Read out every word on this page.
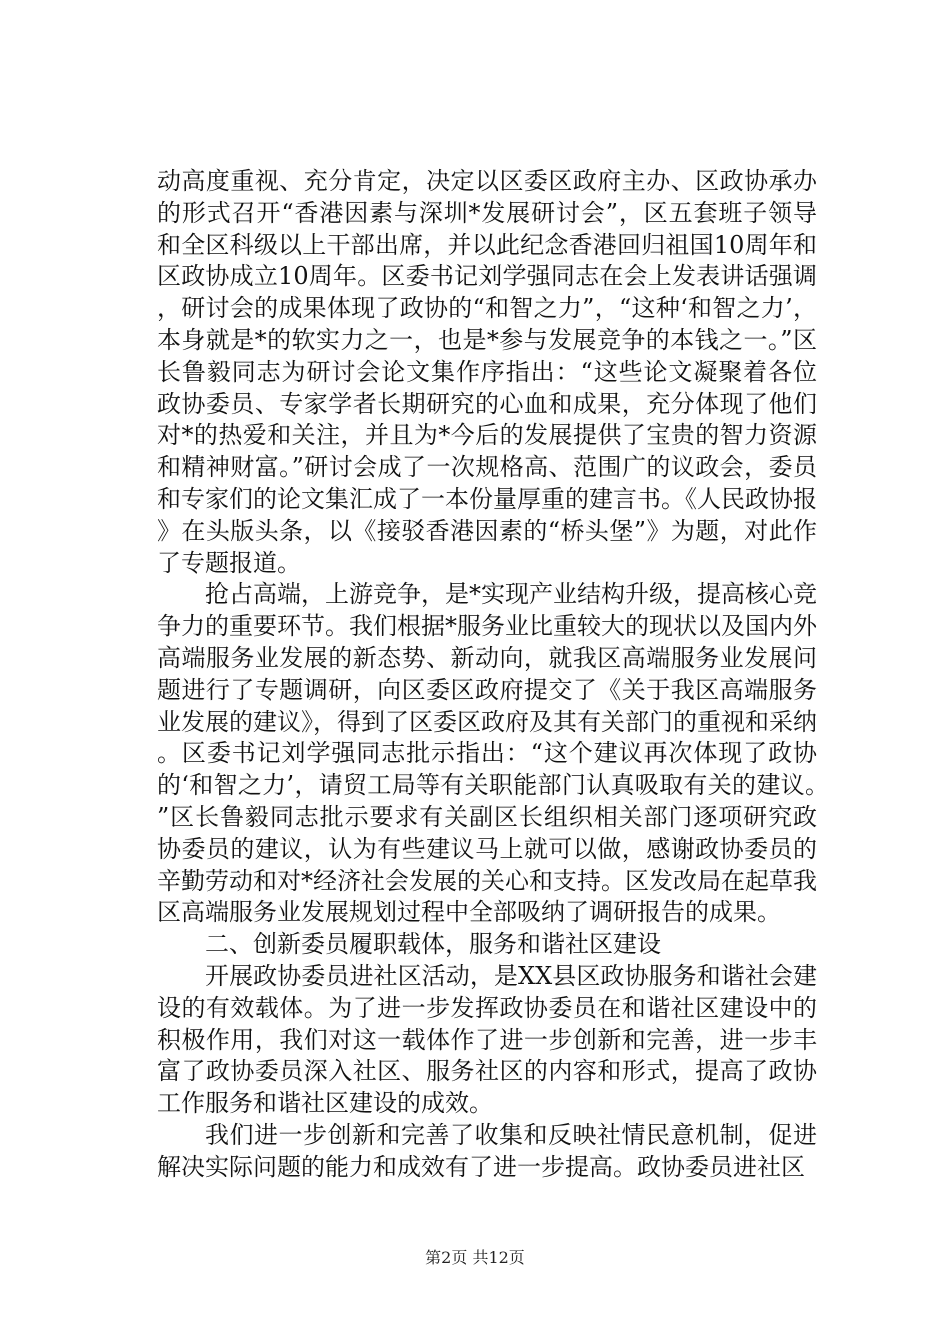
动高度重视、充分肯定，决定以区委区政府主办、区政协承办的形式召开“香港因素与深圳*发展研讨会”，区五套班子领导和全区科级以上干部出席，并以此纪念香港回归祖国10周年和区政协成立10周年。区委书记刘学强同志在会上发表讲话强调，研讨会的成果体现了政协的“和智之力”，“这种‘和智之力’，本身就是*的软实力之一，也是*参与发展竞争的本钱之一。”区长鲁毅同志为研讨会论文集作序指出：“这些论文凝聚着各位政协委员、专家学者长期研究的心血和成果，充分体现了他们对*的热爱和关注，并且为*今后的发展提供了宝贵的智力资源和精神财富。”研讨会成了一次规格高、范围广的议政会，委员和专家们的论文集汇成了一本份量厚重的建言书。《人民政协报》在头版头条，以《接驳香港因素的“桥头堡”》为题，对此作了专题报道。

抢占高端，上游竞争，是*实现产业结构升级，提高核心竞争力的重要环节。我们根据*服务业比重较大的现状以及国内外高端服务业发展的新态势、新动向，就我区高端服务业发展问题进行了专题调研，向区委区政府提交了《关于我区高端服务业发展的建议》，得到了区委区政府及其有关部门的重视和采纳。区委书记刘学强同志批示指出：“这个建议再次体现了政协的‘和智之力’，请贸工局等有关职能部门认真吸取有关的建议。”区长鲁毅同志批示要求有关副区长组织相关部门逐项研究政协委员的建议，认为有些建议马上就可以做，感谢政协委员的辛勤劳动和对*经济社会发展的关心和支持。区发改局在起草我区高端服务业发展规划过程中全部吸纳了调研报告的成果。

二、创新委员履职载体，服务和谐社区建设

开展政协委员进社区活动，是XX县区政协服务和谐社会建设的有效载体。为了进一步发挥政协委员在和谐社区建设中的积极作用，我们对这一载体作了进一步创新和完善，进一步丰富了政协委员深入社区、服务社区的内容和形式，提高了政协工作服务和谐社区建设的成效。

我们进一步创新和完善了收集和反映社情民意机制，促进解决实际问题的能力和成效有了进一步提高。政协委员进社区

第2页 共12页
